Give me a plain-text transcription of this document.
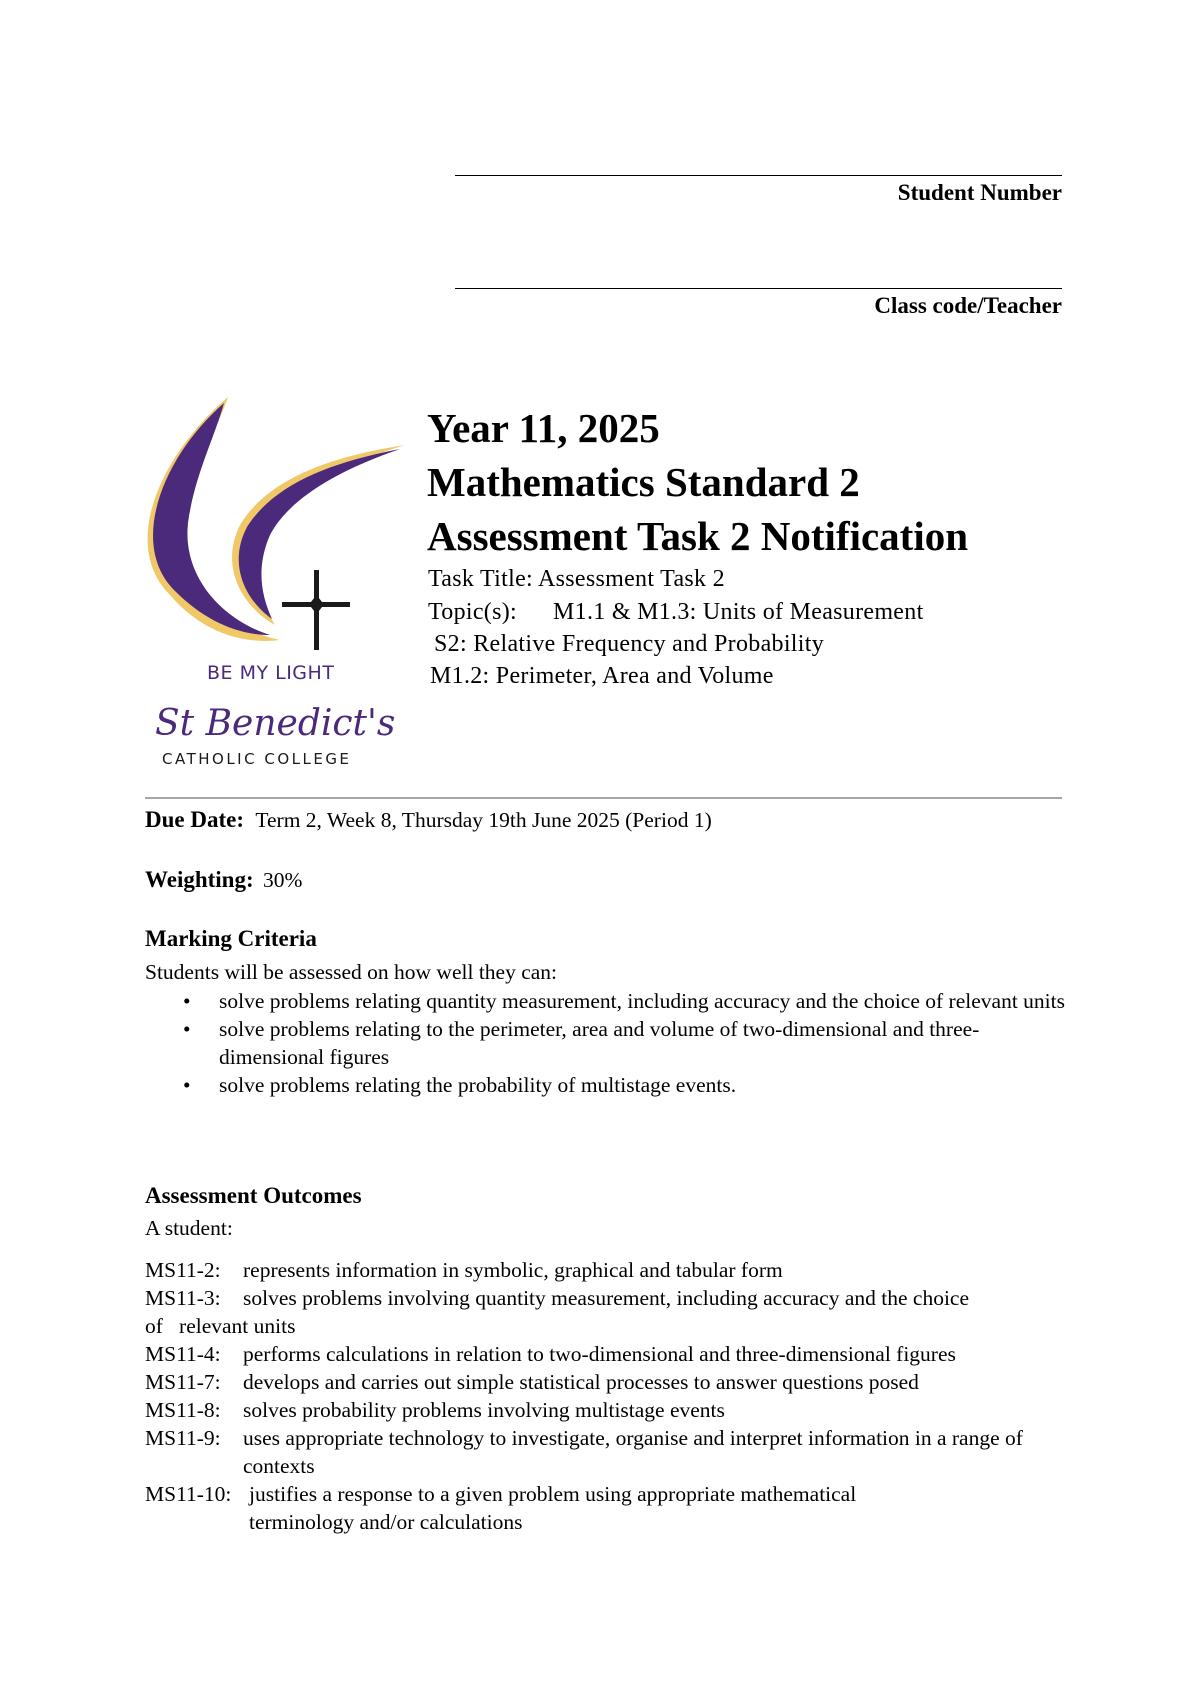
Student Number
Class code/Teacher
BE MY LIGHT
St Benedict's
CATHOLIC COLLEGE
Year 11, 2025
Mathematics Standard 2
Assessment Task 2 Notification
Task Title: Assessment Task 2
Topic(s): M1.1 & M1.3: Units of Measurement
S2: Relative Frequency and Probability
M1.2: Perimeter, Area and Volume
Due Date: Term 2, Week 8, Thursday 19th June 2025 (Period 1)
Weighting: 30%
Marking Criteria
Students will be assessed on how well they can:
• solve problems relating quantity measurement, including accuracy and the choice of relevant units
• solve problems relating to the perimeter, area and volume of two-dimensional and three-dimensional figures
• solve problems relating the probability of multistage events.
Assessment Outcomes
A student:
MS11-2:	represents information in symbolic, graphical and tabular form
MS11-3:	solves problems involving quantity measurement, including accuracy and the choice
of   relevant units
MS11-4:	performs calculations in relation to two-dimensional and three-dimensional figures
MS11-7:	develops and carries out simple statistical processes to answer questions posed
MS11-8:	solves probability problems involving multistage events
MS11-9:	uses appropriate technology to investigate, organise and interpret information in a range of contexts
MS11-10: justifies a response to a given problem using appropriate mathematical terminology and/or calculations
